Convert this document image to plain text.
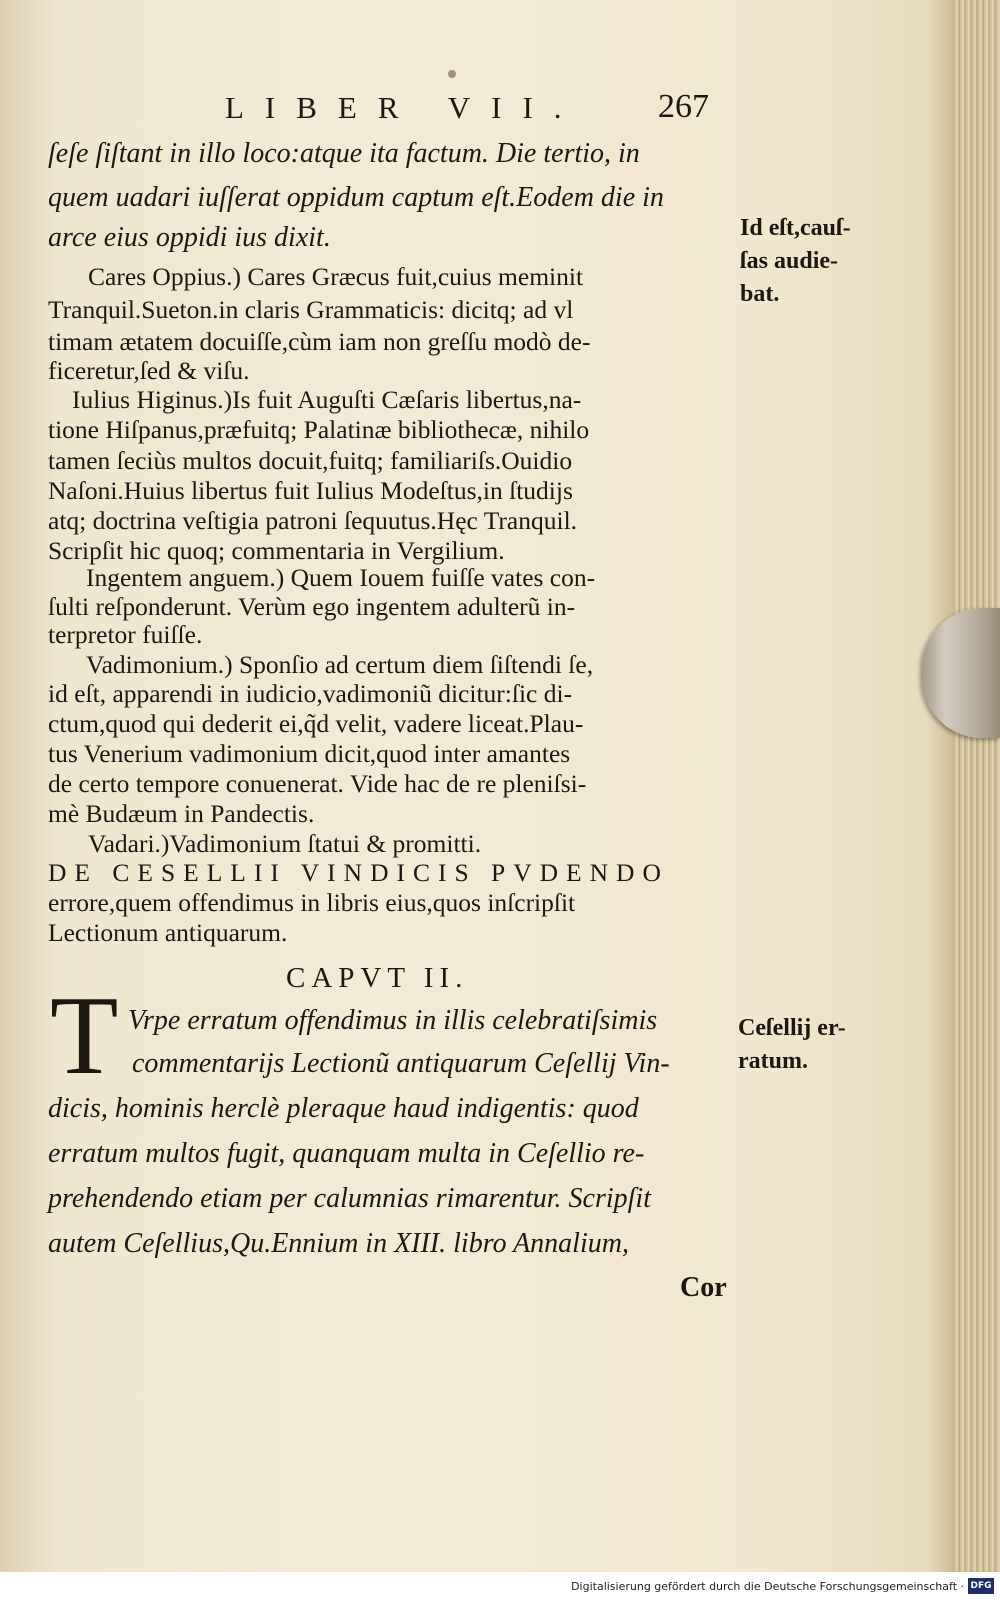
LIBER VII. 267
ſeſe ſiſtant in illo loco:atque ita factum. Die tertio, in
quem uadari iuſſerat oppidum captum eſt.Eodem die in
arce eius oppidi ius dixit.
Cares Oppius.) Cares Græcus fuit,cuius meminit
Tranquil.Sueton.in claris Grammaticis: dicitq; ad vl
timam ætatem docuiſſe,cùm iam non greſſu modò de-
ficeretur,ſed & viſu.
Iulius Higinus.)Is fuit Auguſti Cæſaris libertus,na-
tione Hiſpanus,præfuitq; Palatinæ bibliothecæ, nihilo
tamen ſeciùs multos docuit,fuitq; familiariſs.Ouidio
Naſoni.Huius libertus fuit Iulius Modeſtus,in ſtudijs
atq; doctrina veſtigia patroni ſequutus.Hęc Tranquil.
Scripſit hic quoq; commentaria in Vergilium.
Ingentem anguem.) Quem Iouem fuiſſe vates con-
ſulti reſponderunt. Verùm ego ingentem adulterũ in-
terpretor fuiſſe.
Vadimonium.) Sponſio ad certum diem ſiſtendi ſe,
id eſt, apparendi in iudicio,vadimoniũ dicitur:ſic di-
ctum,quod qui dederit ei,q̃d velit, vadere liceat.Plau-
tus Venerium vadimonium dicit,quod inter amantes
de certo tempore conuenerat. Vide hac de re pleniſsi-
mè Budæum in Pandectis.
Vadari.)Vadimonium ſtatui & promitti.
DE CESELLII VINDICIS PVDENDO
errore,quem offendimus in libris eius,quos inſcripſit
Lectionum antiquarum.
CAPVT II.
T Vrpe erratum offendimus in illis celebratiſsimis
commentarijs Lectionũ antiquarum Ceſellij Vin-
dicis, hominis herclè pleraque haud indigentis: quod
erratum multos fugit, quanquam multa in Ceſellio re-
prehendendo etiam per calumnias rimarentur. Scripſit
autem Ceſellius,Qu.Ennium in XIII. libro Annalium,
Cor
Id eſt,cauſ-
ſas audie-
bat.
Ceſellij er-
ratum.
Digitalisierung gefördert durch die Deutsche Forschungsgemeinschaft · DFG
